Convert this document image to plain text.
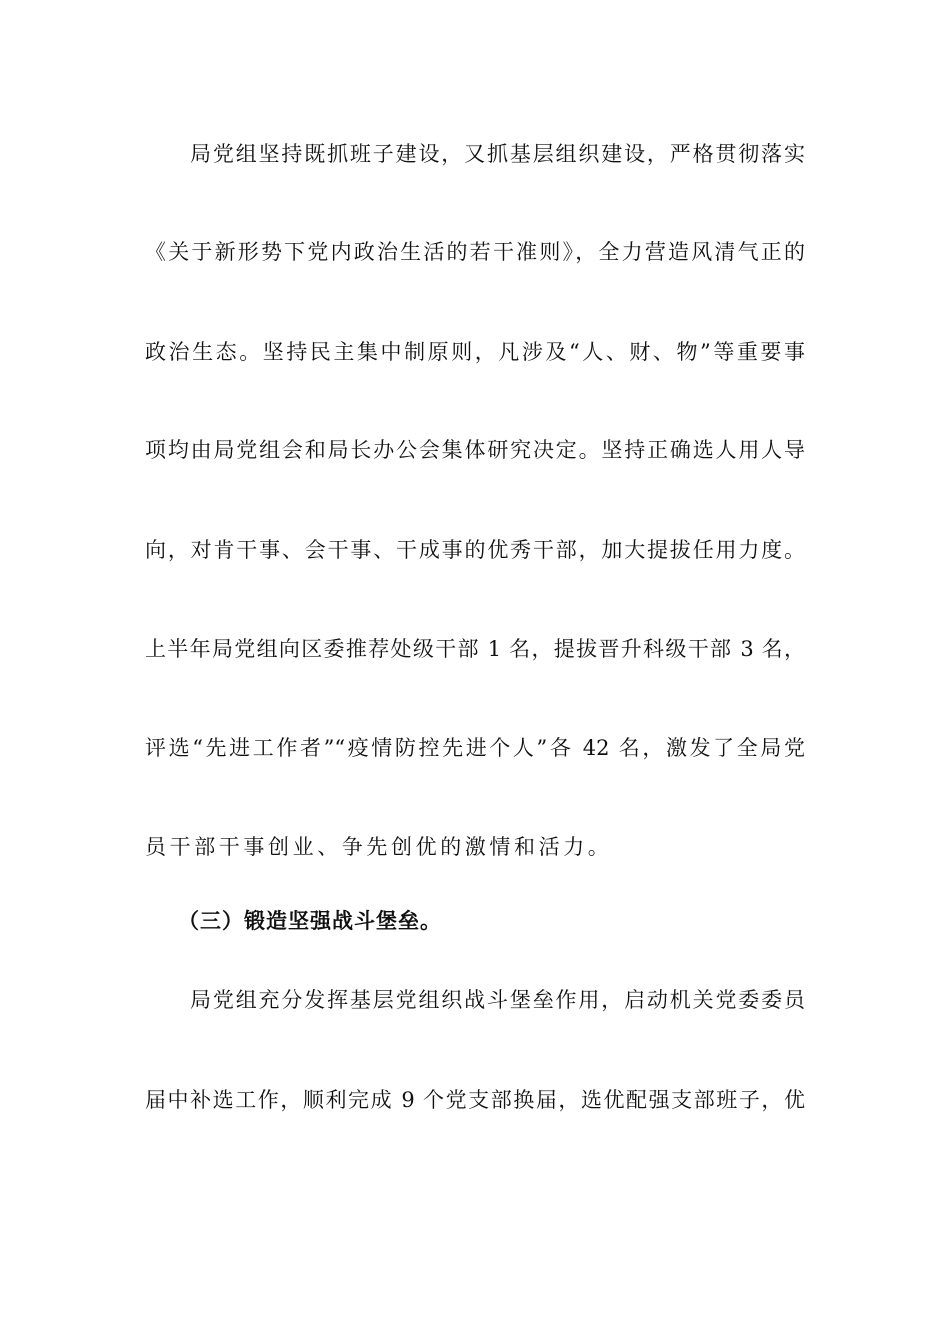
局党组坚持既抓班子建设，又抓基层组织建设，严格贯彻落实
《关于新形势下党内政治生活的若干准则》，全力营造风清气正的
政治生态。坚持民主集中制原则，凡涉及“人、财、物”等重要事
项均由局党组会和局长办公会集体研究决定。坚持正确选人用人导
向，对肯干事、会干事、干成事的优秀干部，加大提拔任用力度。
上半年局党组向区委推荐处级干部 1 名，提拔晋升科级干部 3 名，
评选“先进工作者”“疫情防控先进个人”各 42 名，激发了全局党
员干部干事创业、争先创优的激情和活力。
（三）锻造坚强战斗堡垒。
局党组充分发挥基层党组织战斗堡垒作用，启动机关党委委员
届中补选工作，顺利完成 9 个党支部换届，选优配强支部班子，优
